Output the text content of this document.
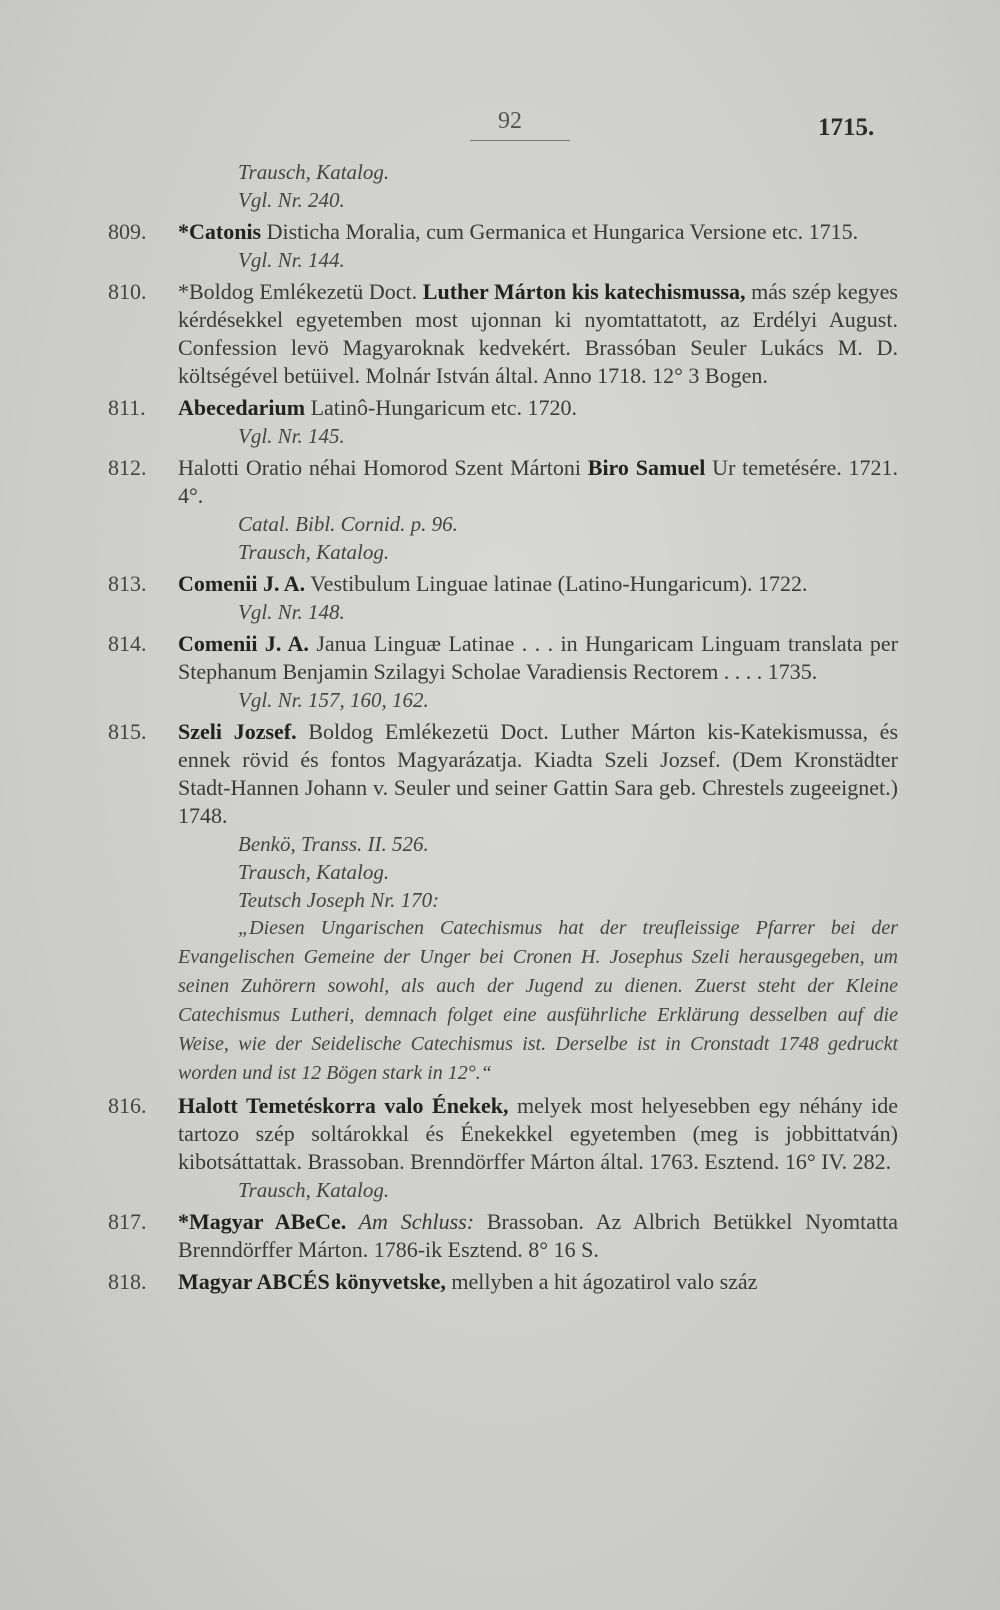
92	1715.
Trausch, Katalog.
Vgl. Nr. 240.
809.	*Catonis Disticha Moralia, cum Germanica et Hungarica Versione etc. 1715.
Vgl. Nr. 144.
810.	*Boldog Emlékezetü Doct. Luther Márton kis katechismussa, más szép kegyes kérdésekkel egyetemben most ujonnan ki nyomtattatott, az Erdélyi August. Confession levö Magyaroknak kedvekért. Brassóban Seuler Lukács M. D. költségével betüivel. Molnár István által. Anno 1718. 12° 3 Bogen.
811.	Abecedarium Latinô-Hungaricum etc. 1720.
Vgl. Nr. 145.
812.	Halotti Oratio néhai Homorod Szent Mártoni Biro Samuel Ur temetésére. 1721. 4°.
Catal. Bibl. Cornid. p. 96.
Trausch, Katalog.
813.	Comenii J. A. Vestibulum Linguae latinae (Latino-Hungaricum). 1722.
Vgl. Nr. 148.
814.	Comenii J. A. Janua Linguæ Latinae . . . in Hungaricam Linguam translata per Stephanum Benjamin Szilagyi Scholae Varadiensis Rectorem . . . . 1735.
Vgl. Nr. 157, 160, 162.
815.	Szeli Jozsef. Boldog Emlékezetü Doct. Luther Márton kis-Katekismussa, és ennek rövid és fontos Magyarázatja. Kiadta Szeli Jozsef. (Dem Kronstädter Stadt-Hannen Johann v. Seuler und seiner Gattin Sara geb. Chrestels zugeeignet.) 1748.
Benkö, Transs. II. 526.
Trausch, Katalog.
Teutsch Joseph Nr. 170:
„Diesen Ungarischen Catechismus hat der treufleissige Pfarrer bei der Evangelischen Gemeine der Unger bei Cronen H. Josephus Szeli herausgegeben, um seinen Zuhörern sowohl, als auch der Jugend zu dienen. Zuerst steht der Kleine Catechismus Lutheri, demnach folget eine ausführliche Erklärung desselben auf die Weise, wie der Seidelische Catechismus ist. Derselbe ist in Cronstadt 1748 gedruckt worden und ist 12 Bögen stark in 12°.“
816.	Halott Temetéskorra valo Énekek, melyek most helyesebben egy néhány ide tartozo szép soltárokkal és Énekekkel egyetemben (meg is jobbittatván) kibotsáttattak. Brassoban. Brenndörffer Márton által. 1763. Esztend. 16° IV. 282.
Trausch, Katalog.
817.	*Magyar ABeCe. Am Schluss: Brassoban. Az Albrich Betükkel Nyomtatta Brenndörffer Márton. 1786-ik Esztend. 8° 16 S.
818.	Magyar ABCÉS könyvetske, mellyben a hit ágozatirol valo száz
